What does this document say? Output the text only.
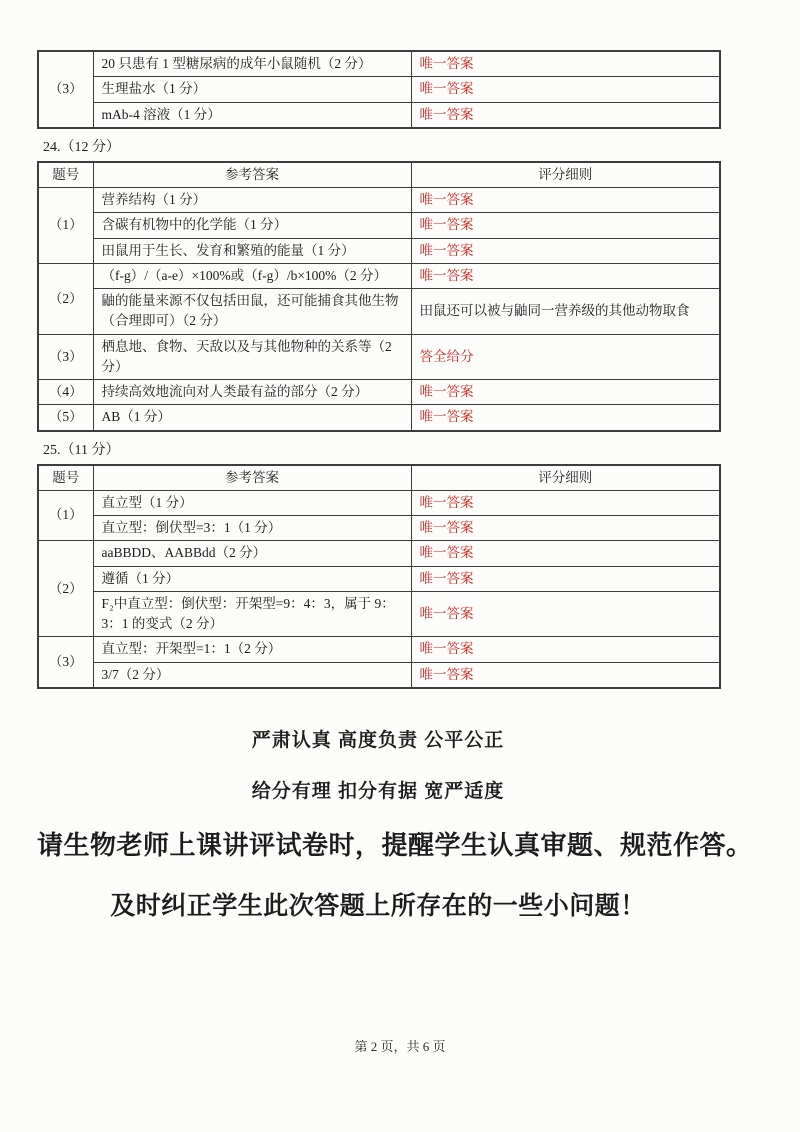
（3）	20 只患有 1 型糖尿病的成年小鼠随机（2 分）	唯一答案
	生理盐水（1 分）	唯一答案
	mAb-4 溶液（1 分）	唯一答案
24.（12 分）
题号	参考答案	评分细则
（1）	营养结构（1 分）	唯一答案
	含碳有机物中的化学能（1 分）	唯一答案
	田鼠用于生长、发育和繁殖的能量（1 分）	唯一答案
（2）	（f-g）/（a-e）×100%或（f-g）/b×100%（2 分）	唯一答案
	鼬的能量来源不仅包括田鼠，还可能捕食其他生物（合理即可）（2 分）	田鼠还可以被与鼬同一营养级的其他动物取食
（3）	栖息地、食物、天敌以及与其他物种的关系等（2 分）	答全给分
（4）	持续高效地流向对人类最有益的部分（2 分）	唯一答案
（5）	AB（1 分）	唯一答案
25.（11 分）
题号	参考答案	评分细则
（1）	直立型（1 分）	唯一答案
	直立型：倒伏型=3：1（1 分）	唯一答案
（2）	aaBBDD、AABBdd（2 分）	唯一答案
	遵循（1 分）	唯一答案
	F₂中直立型：倒伏型：开架型=9：4：3，属于 9：3：1 的变式（2 分）	唯一答案
（3）	直立型：开架型=1：1（2 分）	唯一答案
	3/7（2 分）	唯一答案
严肃认真 高度负责 公平公正
给分有理 扣分有据 宽严适度
请生物老师上课讲评试卷时，提醒学生认真审题、规范作答。
及时纠正学生此次答题上所存在的一些小问题！
第 2 页，共 6 页
